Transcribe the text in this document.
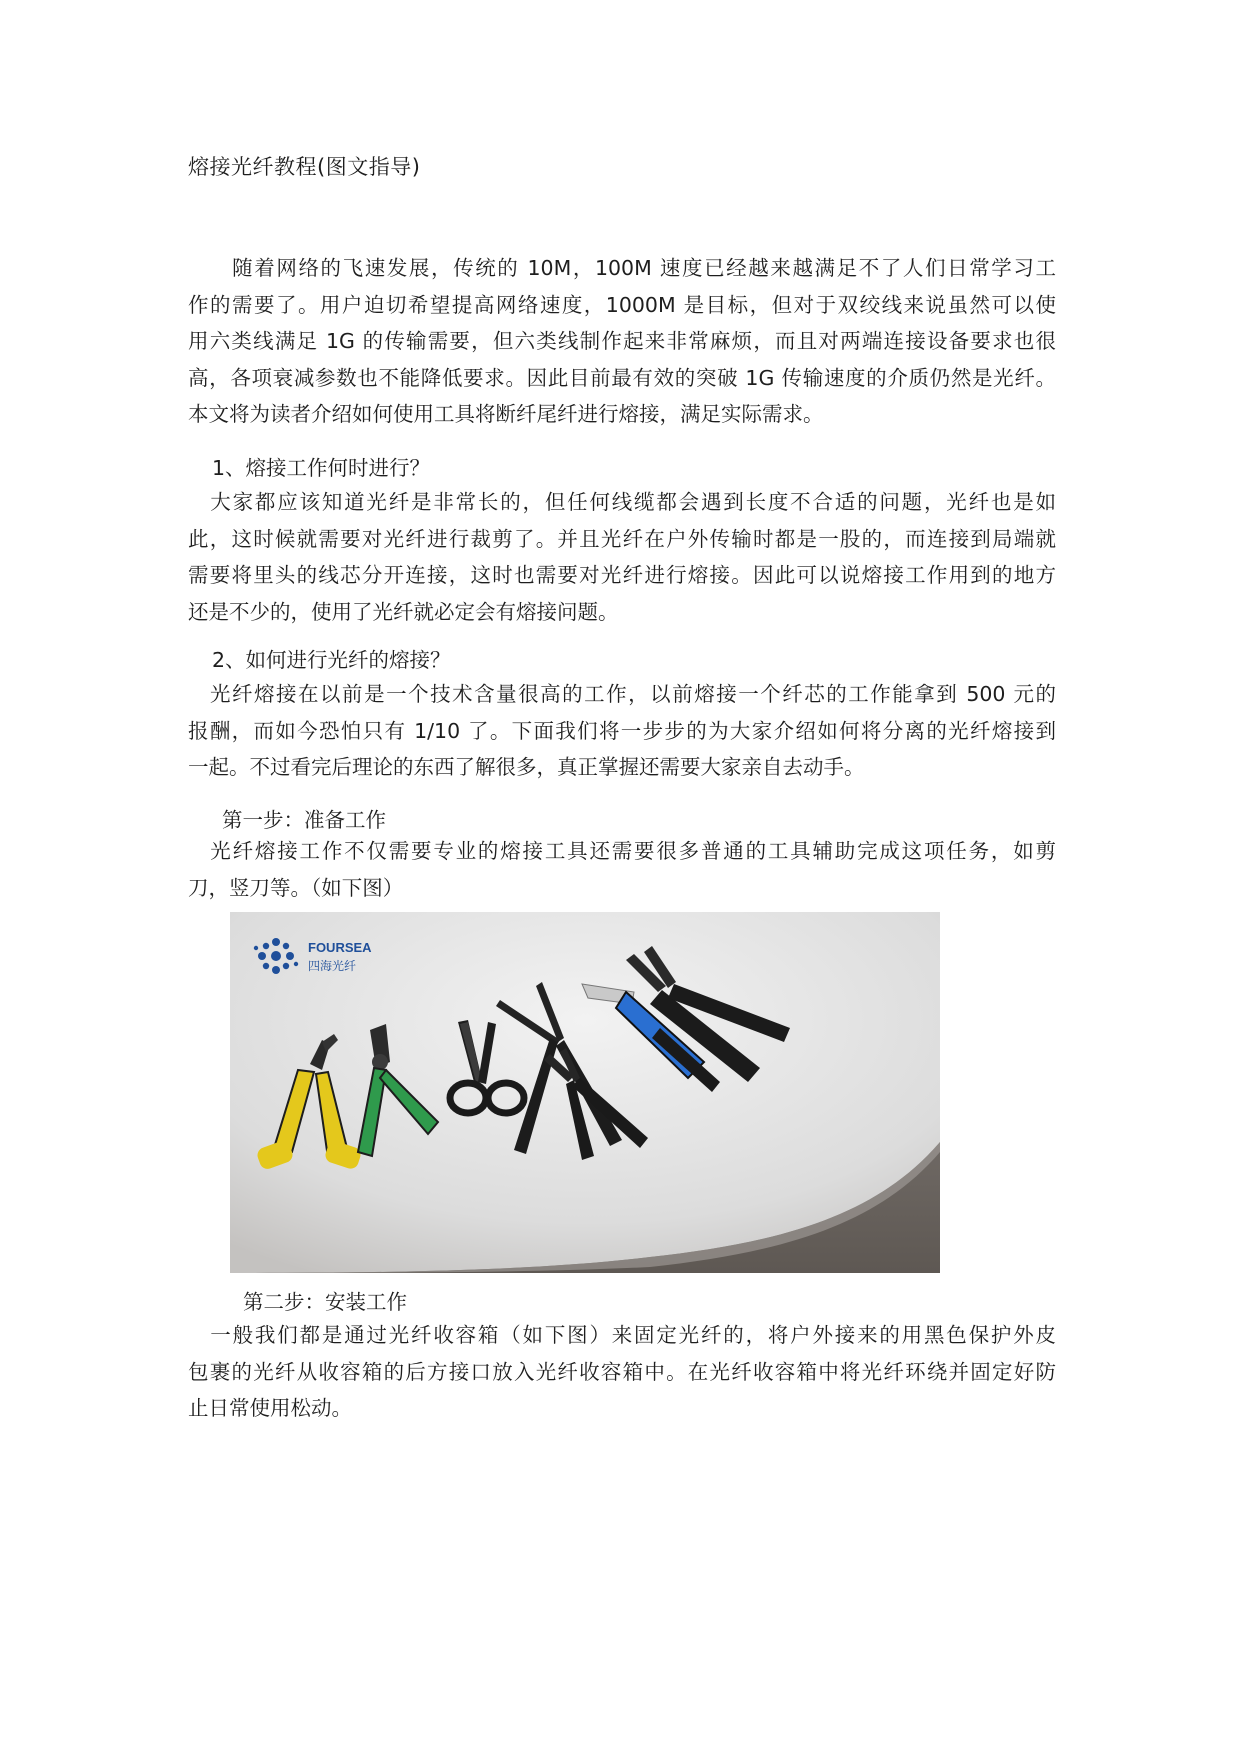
熔接光纤教程(图文指导)
　　随着网络的飞速发展，传统的 10M，100M 速度已经越来越满足不了人们日常学习工
作的需要了。用户迫切希望提高网络速度，1000M 是目标，但对于双绞线来说虽然可以使
用六类线满足 1G 的传输需要，但六类线制作起来非常麻烦，而且对两端连接设备要求也很
高，各项衰减参数也不能降低要求。因此目前最有效的突破 1G 传输速度的介质仍然是光纤。
本文将为读者介绍如何使用工具将断纤尾纤进行熔接，满足实际需求。
1、熔接工作何时进行？
　大家都应该知道光纤是非常长的，但任何线缆都会遇到长度不合适的问题，光纤也是如
此，这时候就需要对光纤进行裁剪了。并且光纤在户外传输时都是一股的，而连接到局端就
需要将里头的线芯分开连接，这时也需要对光纤进行熔接。因此可以说熔接工作用到的地方
还是不少的，使用了光纤就必定会有熔接问题。
2、如何进行光纤的熔接？
　光纤熔接在以前是一个技术含量很高的工作，以前熔接一个纤芯的工作能拿到 500 元的
报酬，而如今恐怕只有 1/10 了。下面我们将一步步的为大家介绍如何将分离的光纤熔接到
一起。不过看完后理论的东西了解很多，真正掌握还需要大家亲自去动手。
第一步：准备工作
　光纤熔接工作不仅需要专业的熔接工具还需要很多普通的工具辅助完成这项任务，如剪
刀，竖刀等。（如下图）
FOURSEA
四海光纤
第二步：安装工作
　一般我们都是通过光纤收容箱（如下图）来固定光纤的，将户外接来的用黑色保护外皮
包裹的光纤从收容箱的后方接口放入光纤收容箱中。在光纤收容箱中将光纤环绕并固定好防
止日常使用松动。
